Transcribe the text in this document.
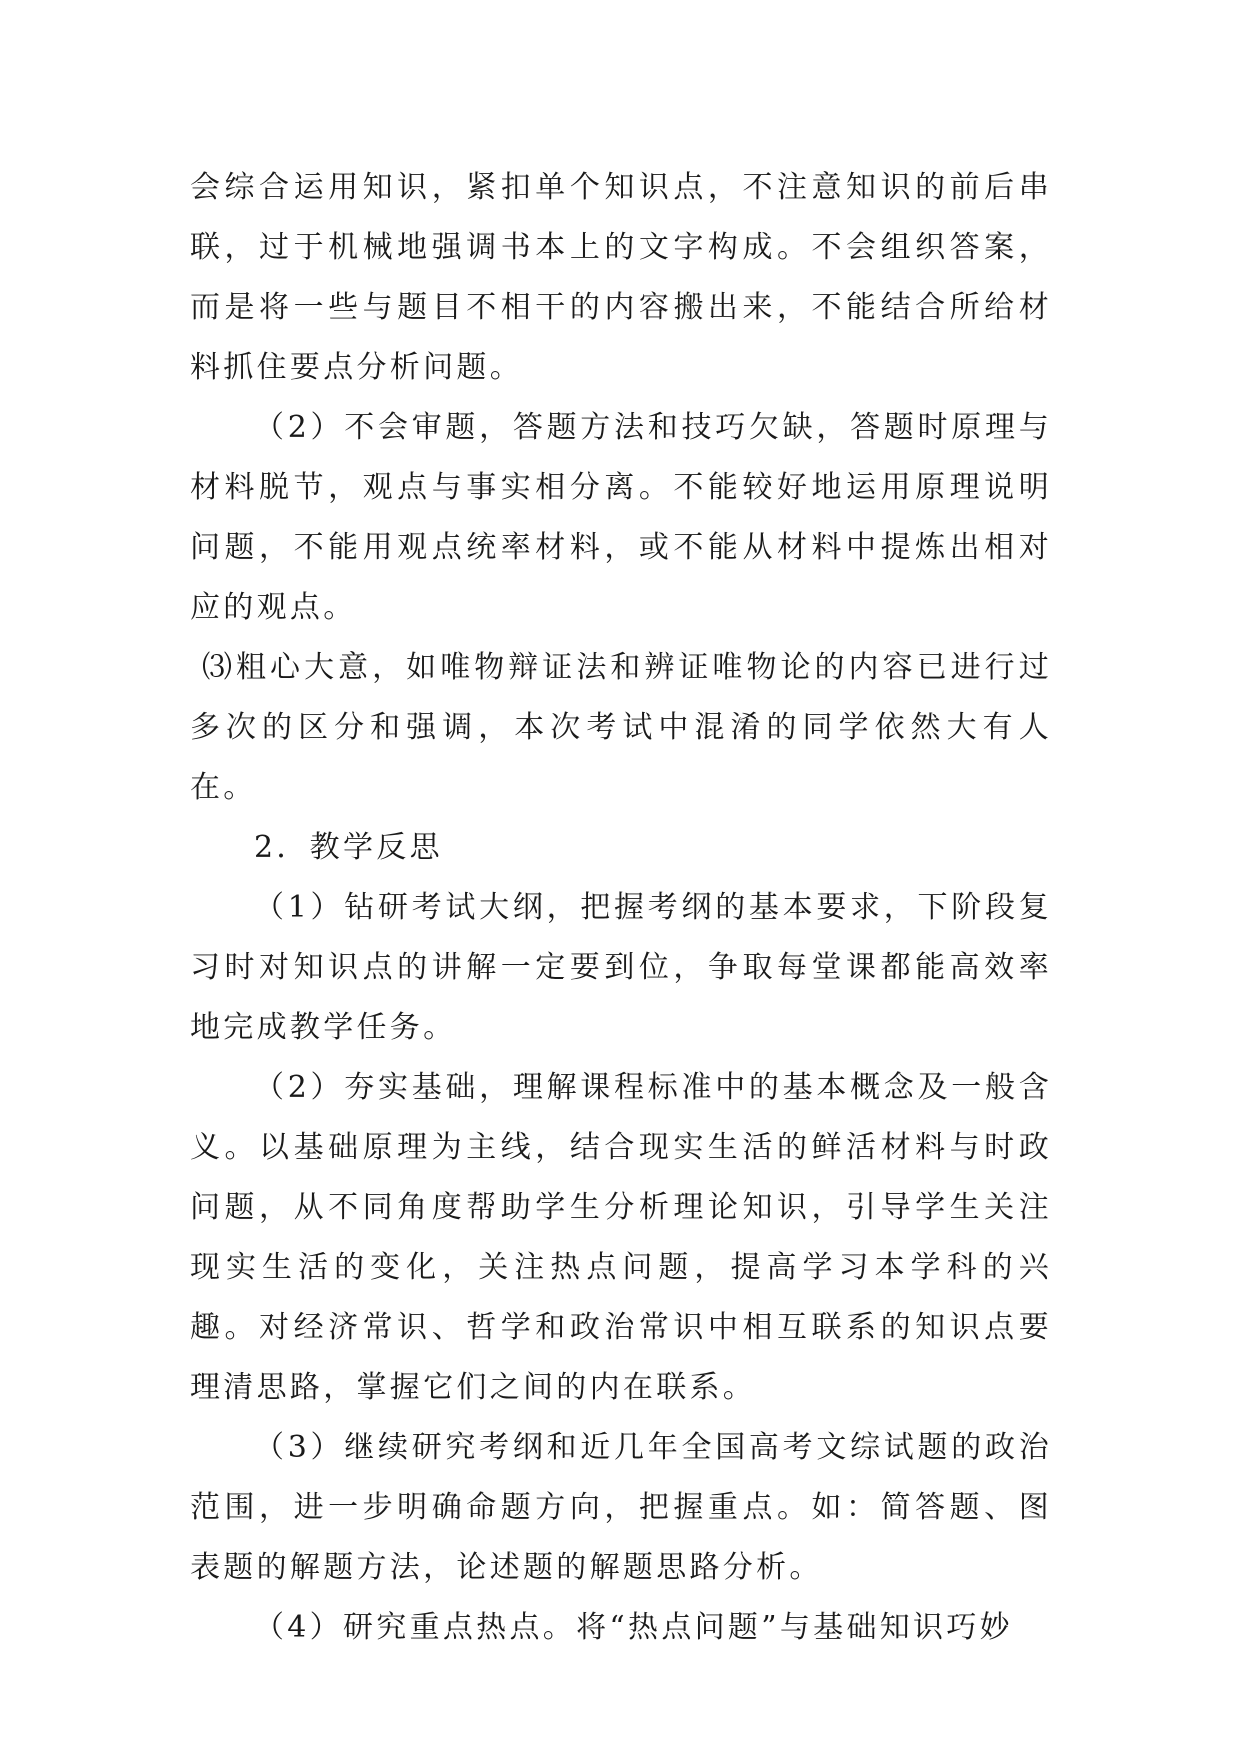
会综合运用知识，紧扣单个知识点，不注意知识的前后串联，过于机械地强调书本上的文字构成。不会组织答案，而是将一些与题目不相干的内容搬出来，不能结合所给材料抓住要点分析问题。

（2）不会审题，答题方法和技巧欠缺，答题时原理与材料脱节，观点与事实相分离。不能较好地运用原理说明问题，不能用观点统率材料，或不能从材料中提炼出相对应的观点。

⑶粗心大意，如唯物辩证法和辨证唯物论的内容已进行过多次的区分和强调，本次考试中混淆的同学依然大有人在。

2．教学反思

（1）钻研考试大纲，把握考纲的基本要求，下阶段复习时对知识点的讲解一定要到位，争取每堂课都能高效率地完成教学任务。

（2）夯实基础，理解课程标准中的基本概念及一般含义。以基础原理为主线，结合现实生活的鲜活材料与时政问题，从不同角度帮助学生分析理论知识，引导学生关注现实生活的变化，关注热点问题，提高学习本学科的兴趣。对经济常识、哲学和政治常识中相互联系的知识点要理清思路，掌握它们之间的内在联系。

（3）继续研究考纲和近几年全国高考文综试题的政治范围，进一步明确命题方向，把握重点。如：简答题、图表题的解题方法，论述题的解题思路分析。

（4）研究重点热点。将“热点问题”与基础知识巧妙
